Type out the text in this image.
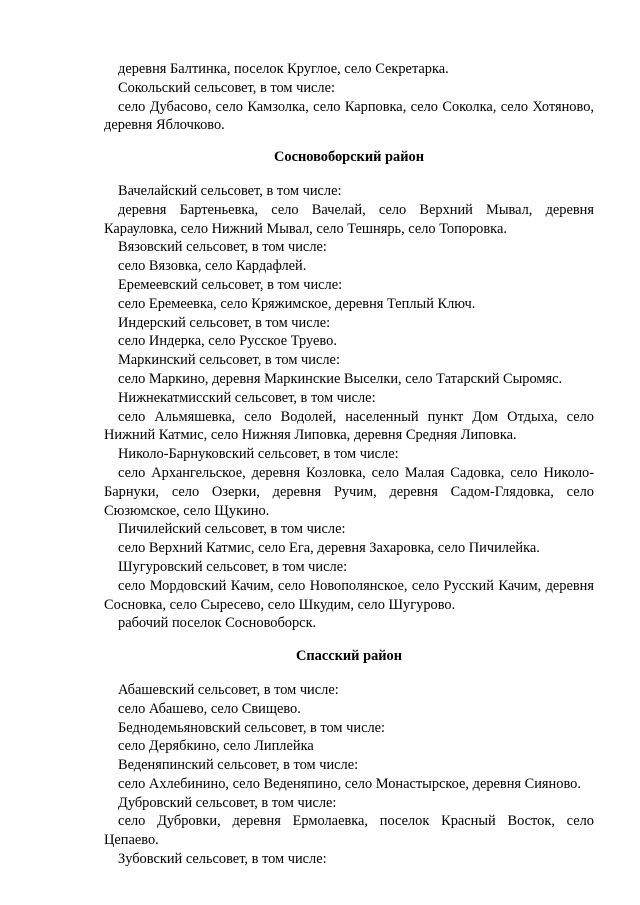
деревня Балтинка, поселок Круглое, село Секретарка.

Сокольский сельсовет, в том числе:

село Дубасово, село Камзолка, село Карповка, село Соколка, село Хотяново, деревня Яблочково.

Сосновоборский район

Вачелайский сельсовет, в том числе:

деревня Бартеньевка, село Вачелай, село Верхний Мывал, деревня Карауловка, село Нижний Мывал, село Тешнярь, село Топоровка.

Вязовский сельсовет, в том числе:

село Вязовка, село Кардафлей.

Еремеевский сельсовет, в том числе:

село Еремеевка, село Кряжимское, деревня Теплый Ключ.

Индерский сельсовет, в том числе:

село Индерка, село Русское Труево.

Маркинский сельсовет, в том числе:

село Маркино, деревня Маркинские Выселки, село Татарский Сыромяс.

Нижнекатмисский сельсовет, в том числе:

село Альмяшевка, село Водолей, населенный пункт Дом Отдыха, село Нижний Катмис, село Нижняя Липовка, деревня Средняя Липовка.

Николо-Барнуковский сельсовет, в том числе:

село Архангельское, деревня Козловка, село Малая Садовка, село Николо-Барнуки, село Озерки, деревня Ручим, деревня Садом-Глядовка, село Сюзюмское, село Щукино.

Пичилейский сельсовет, в том числе:

село Верхний Катмис, село Ега, деревня Захаровка, село Пичилейка.

Шугуровский сельсовет, в том числе:

село Мордовский Качим, село Новополянское, село Русский Качим, деревня Сосновка, село Сыресево, село Шкудим, село Шугурово.

рабочий поселок Сосновоборск.

Спасский район

Абашевский сельсовет, в том числе:

село Абашево, село Свищево.

Беднодемьяновский сельсовет, в том числе:

село Дерябкино, село Липлейка

Веденяпинский сельсовет, в том числе:

село Ахлебинино, село Веденяпино, село Монастырское, деревня Сияново.

Дубровский сельсовет, в том числе:

село Дубровки, деревня Ермолаевка, поселок Красный Восток, село Цепаево.

Зубовский сельсовет, в том числе:
